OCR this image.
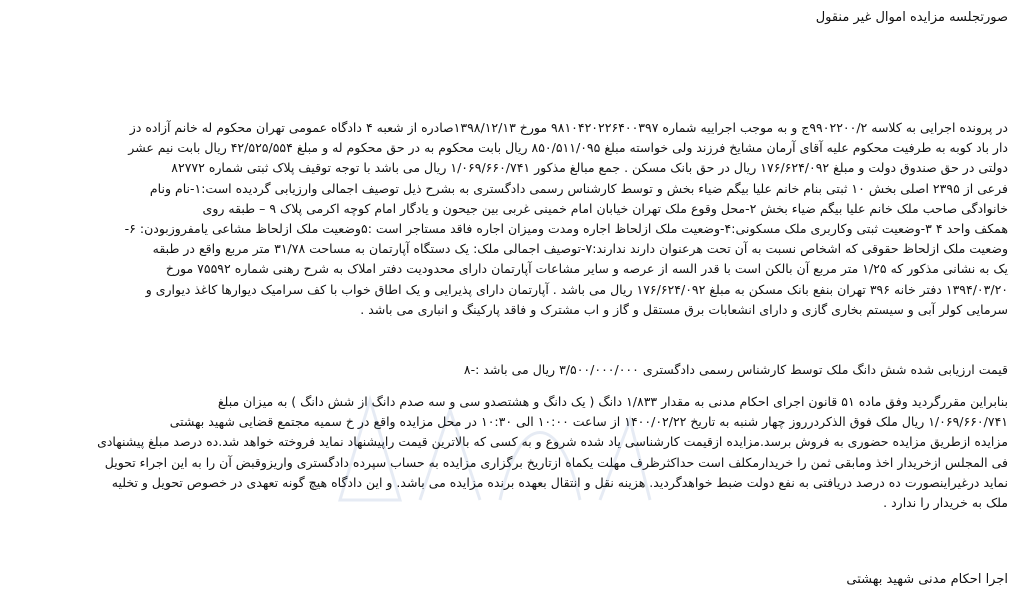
صورتجلسه مزایده اموال غیر منقول
در پرونده اجرایی به کلاسه ۹۹۰۲۲۰۰/۲ج و به موجب اجراییه شماره ۹۸۱۰۴۲۰۲۲۶۴۰۰۳۹۷ مورخ ۱۳۹۸/۱۲/۱۳صادره از شعبه ۴ دادگاه عمومی تهران محکوم له خانم آزاده دز
دار باد کوبه به طرفیت محکوم علیه آقای آرمان مشایخ فرزند ولی خواسته مبلغ ۸۵۰/۵۱۱/۰۹۵ ریال بابت محکوم به در حق محکوم له و مبلغ ۴۲/۵۲۵/۵۵۴ ریال بابت نیم عشر
دولتی در حق صندوق دولت و مبلغ ۱۷۶/۶۲۴/۰۹۲ ریال در حق بانک مسکن . جمع مبالغ مذکور ۱/۰۶۹/۶۶۰/۷۴۱ ریال می باشد با توجه توقیف پلاک ثبتی شماره ۸۲۷۷۲
فرعی از ۲۳۹۵ اصلی بخش ۱۰ ثبتی بنام خانم علیا بیگم ضیاء بخش و توسط کارشناس رسمی دادگستری به بشرح ذیل توصیف اجمالی وارزیابی گردیده است:۱-نام ونام
خانوادگی صاحب ملک خانم علیا بیگم ضیاء بخش ۲-محل وقوع ملک تهران خیابان امام خمینی غربی بین جیحون و یادگار امام کوچه اکرمی پلاک ۹ – طبقه روی
همکف واحد ۴ ۳-وضعیت ثبتی وکاربری ملک مسکونی:۴-وضعیت ملک ازلحاظ اجاره ومدت ومیزان اجاره فاقد مستاجر است :۵وضعیت ملک ازلحاظ مشاعی یامفروزبودن: ۶-
وضعیت ملک ازلحاظ حقوقی که اشخاص نسبت به آن تحت هرعنوان دارند ندارند:۷-توصیف اجمالی ملک: یک دستگاه آپارتمان به مساحت ۳۱/۷۸ متر مربع واقع در طبقه
یک به نشانی مذکور که ۱/۲۵ متر مربع آن بالکن است با قدر السه از عرصه و سایر مشاعات آپارتمان دارای محدودیت دفتر املاک به شرح رهنی شماره ۷۵۵۹۲ مورخ
۱۳۹۴/۰۳/۲۰ دفتر خانه ۳۹۶ تهران بنفع بانک مسکن به مبلغ ۱۷۶/۶۲۴/۰۹۲ ریال می باشد . آپارتمان دارای پذیرایی و یک اطاق خواب با کف سرامیک دیوارها کاغذ دیواری و
سرمایی کولر آبی و سیستم بخاری گازی و دارای انشعابات برق مستقل و گاز و اب مشترک و فاقد پارکینگ و انباری می باشد .
قیمت ارزیابی شده شش دانگ ملک توسط کارشناس رسمی دادگستری ۳/۵۰۰/۰۰۰/۰۰۰ ریال می باشد :-۸
بنابراین مقررگردید وفق ماده ۵۱ قانون اجرای احکام مدنی به مقدار ۱/۸۳۳ دانگ ( یک دانگ و هشتصدو سی و سه صدم دانگ از شش دانگ ) به میزان مبلغ
۱/۰۶۹/۶۶۰/۷۴۱ ریال ملک فوق الذکردرروز چهار شنبه به تاریخ ۱۴۰۰/۰۲/۲۲ از ساعت ۱۰:۰۰ الی ۱۰:۳۰ در محل مزایده واقع در خ سمیه مجتمع قضایی شهید بهشتی
مزایده ازطریق مزایده حضوری به فروش برسد.مزایده ازقیمت کارشناسی یاد شده شروع و به کسی که بالاترین قیمت راپیشنهاد نماید فروخته خواهد شد.ده درصد مبلغ پیشنهادی
فی المجلس ازخریدار اخذ ومابقی ثمن را خریدارمکلف است حداکثرظرف مهلت یکماه ازتاریخ برگزاری مزایده به حساب سپرده دادگستری واریزوقبض آن را به این اجراء تحویل
نماید درغیراینصورت ده درصد دریافتی به نفع دولت ضبط خواهدگردید. هزینه نقل و انتقال بعهده برنده مزایده می باشد. و این دادگاه هیچ گونه تعهدی در خصوص تحویل و تخلیه
ملک به خریدار را ندارد .
اجرا احکام مدنی شهید بهشتی
